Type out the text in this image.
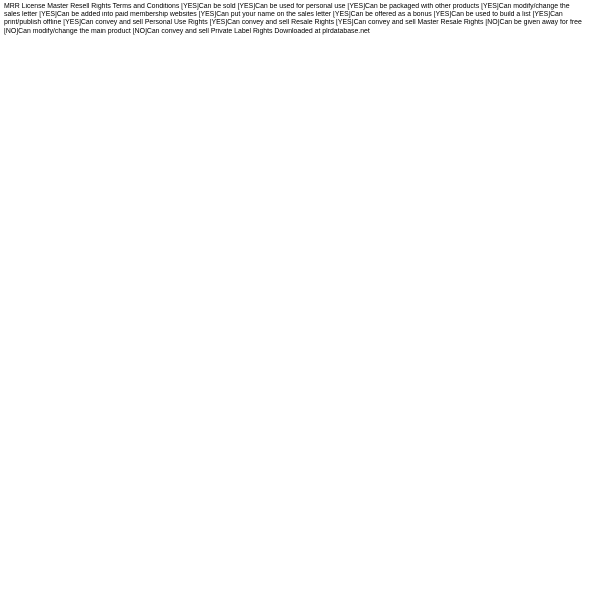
MRR License Master Resell Rights Terms and Conditions [YES]Can be sold [YES]Can be used for personal use [YES]Can be packaged with other products [YES]Can modify/change the
sales letter [YES]Can be added into paid membership websites [YES]Can put your name on the sales letter [YES]Can be offered as a bonus [YES]Can be used to build a list [YES]Can
print/publish offline [YES]Can convey and sell Personal Use Rights [YES]Can convey and sell Resale Rights [YES]Can convey and sell Master Resale Rights [NO]Can be given away for free
[NO]Can modify/change the main product [NO]Can convey and sell Private Label Rights Downloaded at plrdatabase.net
